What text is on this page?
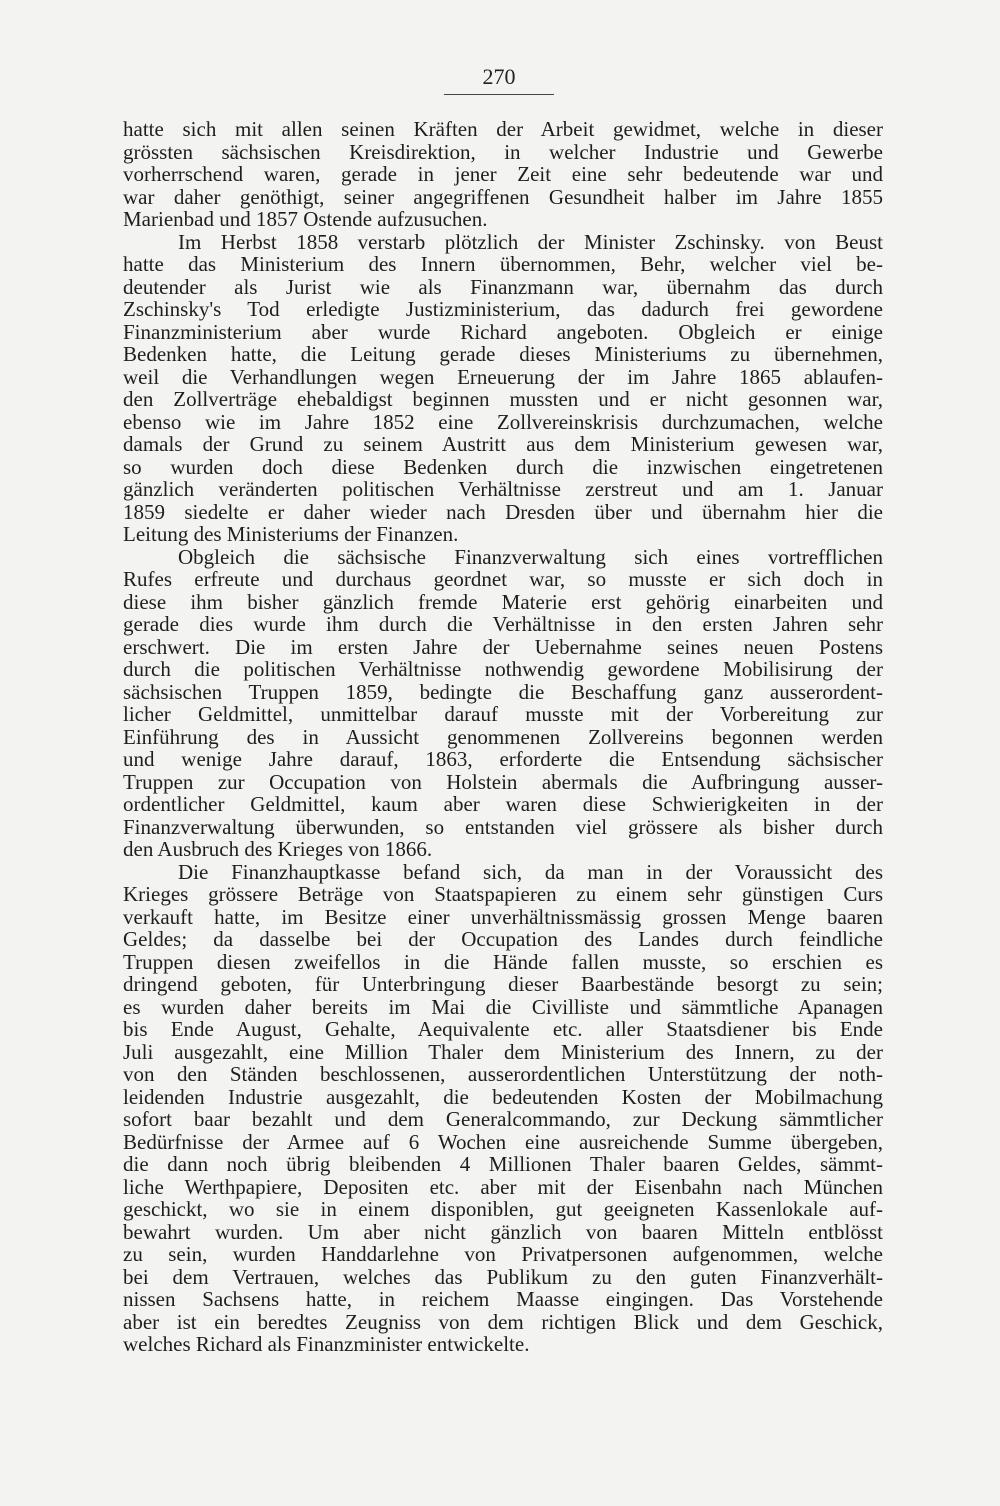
270
hatte sich mit allen seinen Kräften der Arbeit gewidmet, welche in dieser
grössten sächsischen Kreisdirektion, in welcher Industrie und Gewerbe
vorherrschend waren, gerade in jener Zeit eine sehr bedeutende war und
war daher genöthigt, seiner angegriffenen Gesundheit halber im Jahre 1855
Marienbad und 1857 Ostende aufzusuchen.
Im Herbst 1858 verstarb plötzlich der Minister Zschinsky. von Beust
hatte das Ministerium des Innern übernommen, Behr, welcher viel be-
deutender als Jurist wie als Finanzmann war, übernahm das durch
Zschinsky's Tod erledigte Justizministerium, das dadurch frei gewordene
Finanzministerium aber wurde Richard angeboten. Obgleich er einige
Bedenken hatte, die Leitung gerade dieses Ministeriums zu übernehmen,
weil die Verhandlungen wegen Erneuerung der im Jahre 1865 ablaufen-
den Zollverträge ehebaldigst beginnen mussten und er nicht gesonnen war,
ebenso wie im Jahre 1852 eine Zollvereinskrisis durchzumachen, welche
damals der Grund zu seinem Austritt aus dem Ministerium gewesen war,
so wurden doch diese Bedenken durch die inzwischen eingetretenen
gänzlich veränderten politischen Verhältnisse zerstreut und am 1. Januar
1859 siedelte er daher wieder nach Dresden über und übernahm hier die
Leitung des Ministeriums der Finanzen.
Obgleich die sächsische Finanzverwaltung sich eines vortrefflichen
Rufes erfreute und durchaus geordnet war, so musste er sich doch in
diese ihm bisher gänzlich fremde Materie erst gehörig einarbeiten und
gerade dies wurde ihm durch die Verhältnisse in den ersten Jahren sehr
erschwert. Die im ersten Jahre der Uebernahme seines neuen Postens
durch die politischen Verhältnisse nothwendig gewordene Mobilisirung der
sächsischen Truppen 1859, bedingte die Beschaffung ganz ausserordent-
licher Geldmittel, unmittelbar darauf musste mit der Vorbereitung zur
Einführung des in Aussicht genommenen Zollvereins begonnen werden
und wenige Jahre darauf, 1863, erforderte die Entsendung sächsischer
Truppen zur Occupation von Holstein abermals die Aufbringung ausser-
ordentlicher Geldmittel, kaum aber waren diese Schwierigkeiten in der
Finanzverwaltung überwunden, so entstanden viel grössere als bisher durch
den Ausbruch des Krieges von 1866.
Die Finanzhauptkasse befand sich, da man in der Voraussicht des
Krieges grössere Beträge von Staatspapieren zu einem sehr günstigen Curs
verkauft hatte, im Besitze einer unverhältnissmässig grossen Menge baaren
Geldes; da dasselbe bei der Occupation des Landes durch feindliche
Truppen diesen zweifellos in die Hände fallen musste, so erschien es
dringend geboten, für Unterbringung dieser Baarbestände besorgt zu sein;
es wurden daher bereits im Mai die Civilliste und sämmtliche Apanagen
bis Ende August, Gehalte, Aequivalente etc. aller Staatsdiener bis Ende
Juli ausgezahlt, eine Million Thaler dem Ministerium des Innern, zu der
von den Ständen beschlossenen, ausserordentlichen Unterstützung der noth-
leidenden Industrie ausgezahlt, die bedeutenden Kosten der Mobilmachung
sofort baar bezahlt und dem Generalcommando, zur Deckung sämmtlicher
Bedürfnisse der Armee auf 6 Wochen eine ausreichende Summe übergeben,
die dann noch übrig bleibenden 4 Millionen Thaler baaren Geldes, sämmt-
liche Werthpapiere, Depositen etc. aber mit der Eisenbahn nach München
geschickt, wo sie in einem disponiblen, gut geeigneten Kassenlokale auf-
bewahrt wurden. Um aber nicht gänzlich von baaren Mitteln entblösst
zu sein, wurden Handdarlehne von Privatpersonen aufgenommen, welche
bei dem Vertrauen, welches das Publikum zu den guten Finanzverhält-
nissen Sachsens hatte, in reichem Maasse eingingen. Das Vorstehende
aber ist ein beredtes Zeugniss von dem richtigen Blick und dem Geschick,
welches Richard als Finanzminister entwickelte.
